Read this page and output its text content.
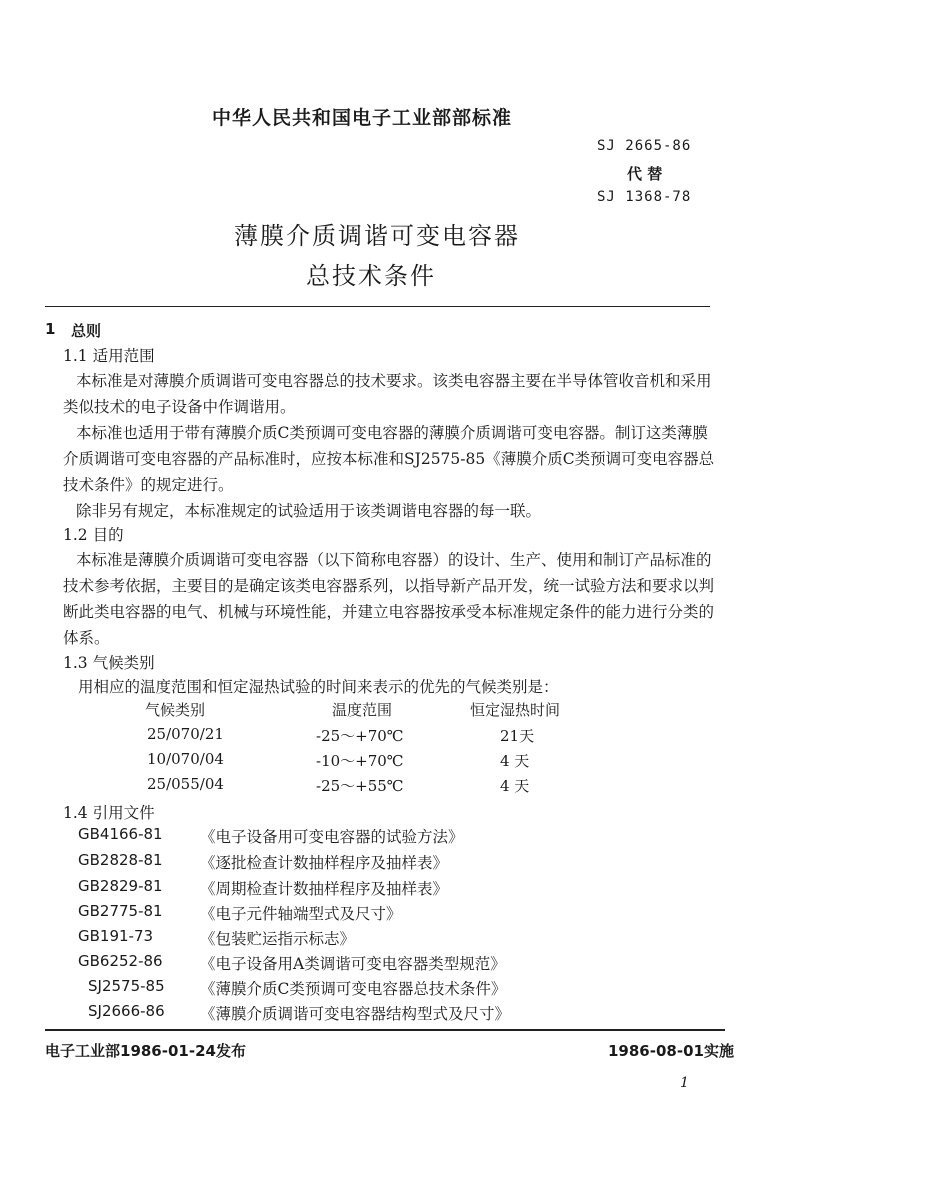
中华人民共和国电子工业部部标准
SJ 2665-86
代 替
SJ 1368-78
薄膜介质调谐可变电容器
总技术条件
1 总则
1.1 适用范围
本标准是对薄膜介质调谐可变电容器总的技术要求。该类电容器主要在半导体管收音机和采用类似技术的电子设备中作调谐用。
本标准也适用于带有薄膜介质C类预调可变电容器的薄膜介质调谐可变电容器。制订这类薄膜介质调谐可变电容器的产品标准时，应按本标准和SJ2575-85《薄膜介质C类预调可变电容器总技术条件》的规定进行。
除非另有规定，本标准规定的试验适用于该类调谐电容器的每一联。
1.2 目的
本标准是薄膜介质调谐可变电容器（以下简称电容器）的设计、生产、使用和制订产品标准的技术参考依据，主要目的是确定该类电容器系列，以指导新产品开发，统一试验方法和要求以判断此类电容器的电气、机械与环境性能，并建立电容器按承受本标准规定条件的能力进行分类的体系。
1.3 气候类别
用相应的温度范围和恒定湿热试验的时间来表示的优先的气候类别是：
气候类别	温度范围	恒定湿热时间
25/070/21	-25～+70℃	21天
10/070/04	-10～+70℃	4 天
25/055/04	-25～+55℃	4 天
1.4 引用文件
GB4166-81 《电子设备用可变电容器的试验方法》
GB2828-81 《逐批检查计数抽样程序及抽样表》
GB2829-81 《周期检查计数抽样程序及抽样表》
GB2775-81 《电子元件轴端型式及尺寸》
GB191-73	《包装贮运指示标志》
GB6252-86 《电子设备用A类调谐可变电容器类型规范》
SJ2575-85 《薄膜介质C类预调可变电容器总技术条件》
SJ2666-86 《薄膜介质调谐可变电容器结构型式及尺寸》
电子工业部1986-01-24发布	1986-08-01实施
1
